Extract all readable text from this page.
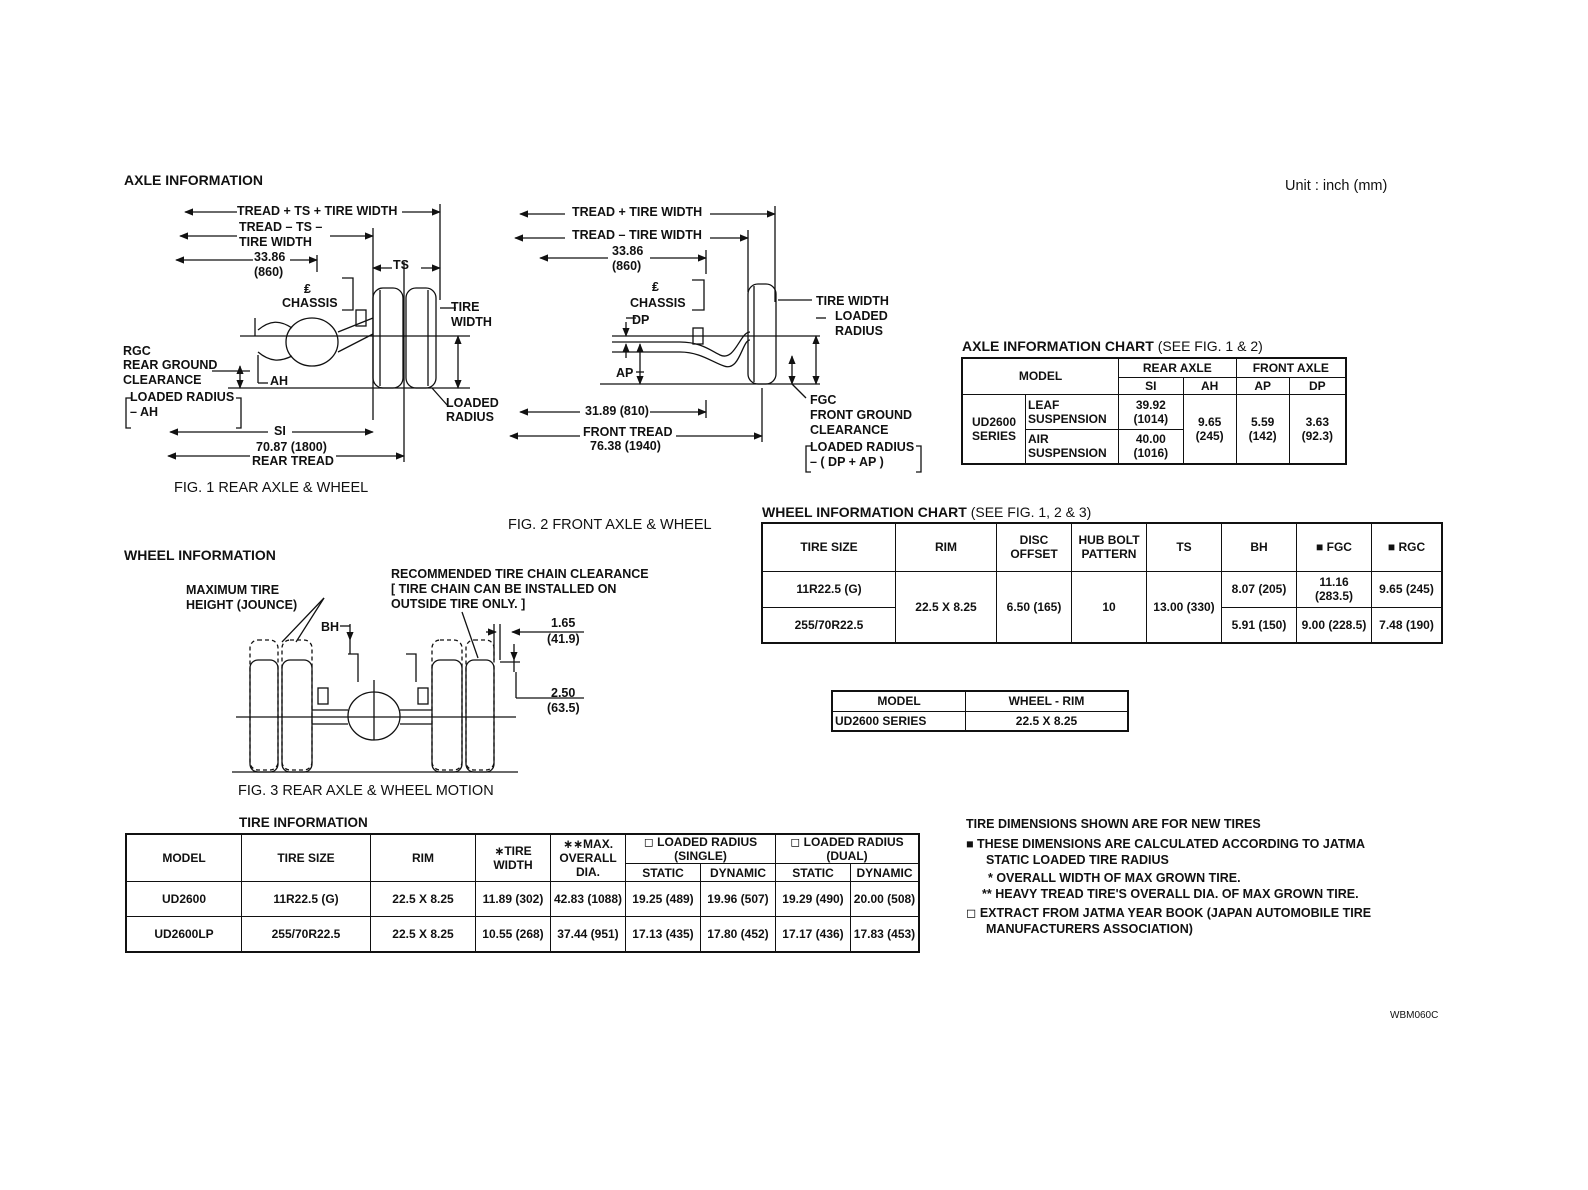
Unit : inch (mm)
AXLE INFORMATION
TREAD + TS + TIRE WIDTH
TREAD – TS –
TIRE WIDTH
33.86
(860)
₤
CHASSIS
TS
TIRE
WIDTH
RGC
REAR GROUND
CLEARANCE	AH
LOADED RADIUS
– AH
LOADED
RADIUS
SI
70.87 (1800)
REAR TREAD
FIG. 1 REAR AXLE & WHEEL
TREAD + TIRE WIDTH
TREAD – TIRE WIDTH
33.86
(860)
₤
CHASSIS
DP
AP
TIRE WIDTH
LOADED
RADIUS
31.89 (810)
FRONT TREAD
76.38 (1940)
FGC
FRONT GROUND
CLEARANCE
LOADED RADIUS
– ( DP + AP )
FIG. 2 FRONT AXLE & WHEEL
AXLE INFORMATION CHART (SEE FIG. 1 & 2)
MODEL		REAR AXLE		FRONT AXLE	
		SI	AH	AP	DP
UD2600 SERIES	LEAF SUSPENSION	39.92 (1014)	9.65 (245)	5.59 (142)	3.63 (92.3)
	AIR SUSPENSION	40.00 (1016)			
WHEEL INFORMATION CHART (SEE FIG. 1, 2 & 3)
TIRE SIZE	RIM	DISC OFFSET	HUB BOLT PATTERN	TS	BH	■ FGC	■ RGC
11R22.5 (G)	22.5 X 8.25	6.50 (165)	10	13.00 (330)	8.07 (205)	11.16 (283.5)	9.65 (245)
255/70R22.5					5.91 (150)	9.00 (228.5)	7.48 (190)
MODEL	WHEEL - RIM
UD2600 SERIES	22.5 X 8.25
WHEEL INFORMATION
MAXIMUM TIRE
HEIGHT (JOUNCE)
RECOMMENDED TIRE CHAIN CLEARANCE
[ TIRE CHAIN CAN BE INSTALLED ON
OUTSIDE TIRE ONLY. ]
BH	1.65
(41.9)
2.50
(63.5)
FIG. 3 REAR AXLE & WHEEL MOTION
TIRE INFORMATION
MODEL	TIRE SIZE	RIM	∗TIRE WIDTH	∗∗MAX. OVERALL DIA.	◻ LOADED RADIUS (SINGLE)		◻ LOADED RADIUS (DUAL)	
					STATIC	DYNAMIC	STATIC	DYNAMIC
UD2600	11R22.5 (G)	22.5 X 8.25	11.89 (302)	42.83 (1088)	19.25 (489)	19.96 (507)	19.29 (490)	20.00 (508)
UD2600LP	255/70R22.5	22.5 X 8.25	10.55 (268)	37.44 (951)	17.13 (435)	17.80 (452)	17.17 (436)	17.83 (453)
TIRE DIMENSIONS SHOWN ARE FOR NEW TIRES
■ THESE DIMENSIONS ARE CALCULATED ACCORDING TO JATMA
STATIC LOADED TIRE RADIUS
* OVERALL WIDTH OF MAX GROWN TIRE.
** HEAVY TREAD TIRE'S OVERALL DIA. OF MAX GROWN TIRE.
◻ EXTRACT FROM JATMA YEAR BOOK (JAPAN AUTOMOBILE TIRE
MANUFACTURERS ASSOCIATION)
WBM060C
